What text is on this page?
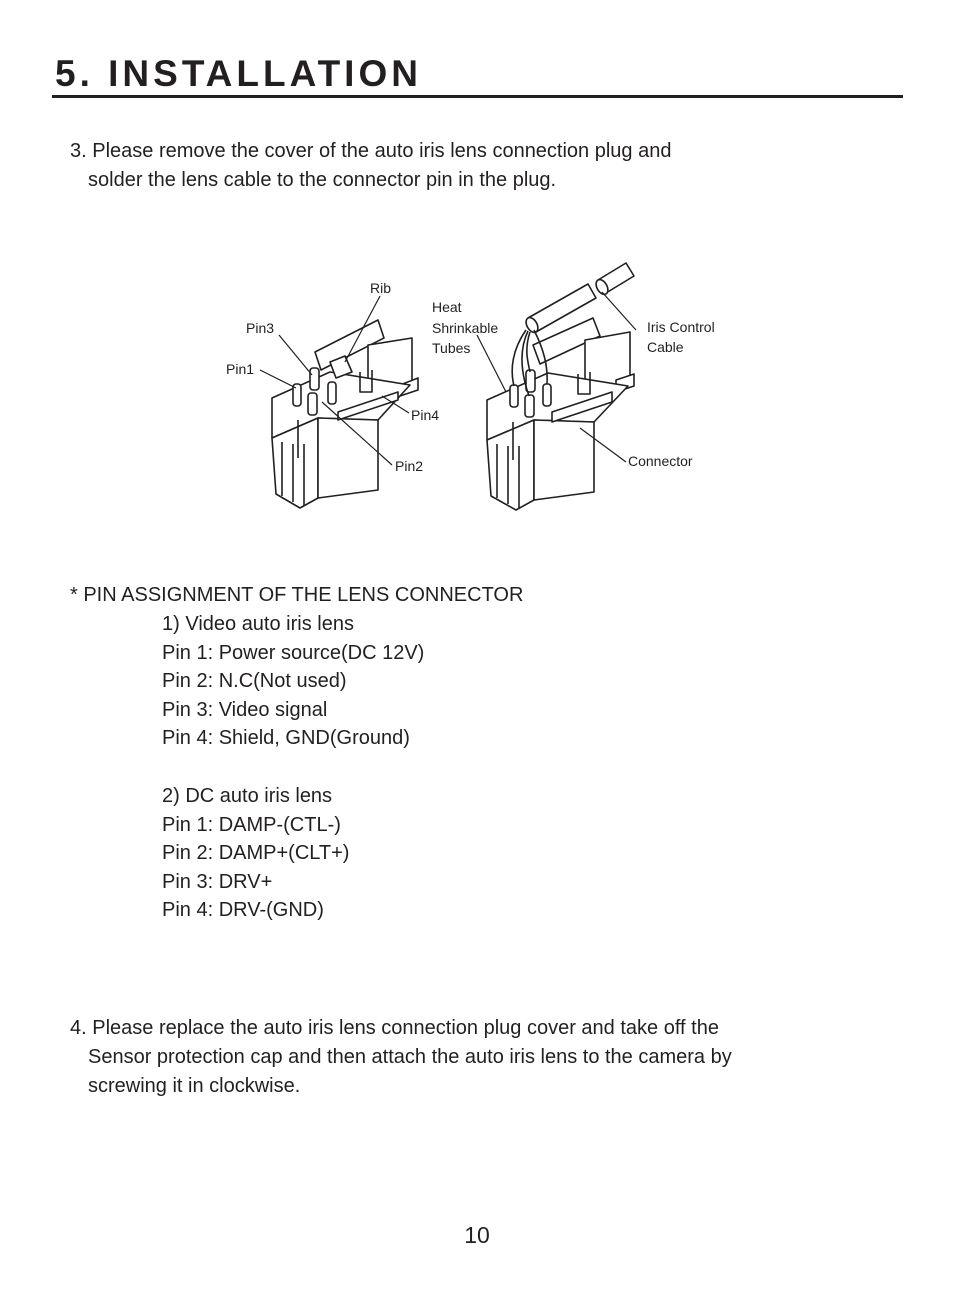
5. INSTALLATION

3. Please remove the cover of the auto iris lens connection plug and
solder the lens cable to the connector pin in the plug.

Rib
Pin3
Pin1
Pin4
Pin2
Heat
Shrinkable
Tubes
Iris Control
Cable
Connector

* PIN ASSIGNMENT OF THE LENS CONNECTOR

1) Video auto iris lens
Pin 1: Power source(DC 12V)
Pin 2: N.C(Not used)
Pin 3: Video signal
Pin 4: Shield, GND(Ground)
2) DC auto iris lens
Pin 1: DAMP-(CTL-)
Pin 2: DAMP+(CLT+)
Pin 3: DRV+
Pin 4: DRV-(GND)

4. Please replace the auto iris lens connection plug cover and take off the
Sensor protection cap and then attach the auto iris lens to the camera by
screwing it in clockwise.

10
